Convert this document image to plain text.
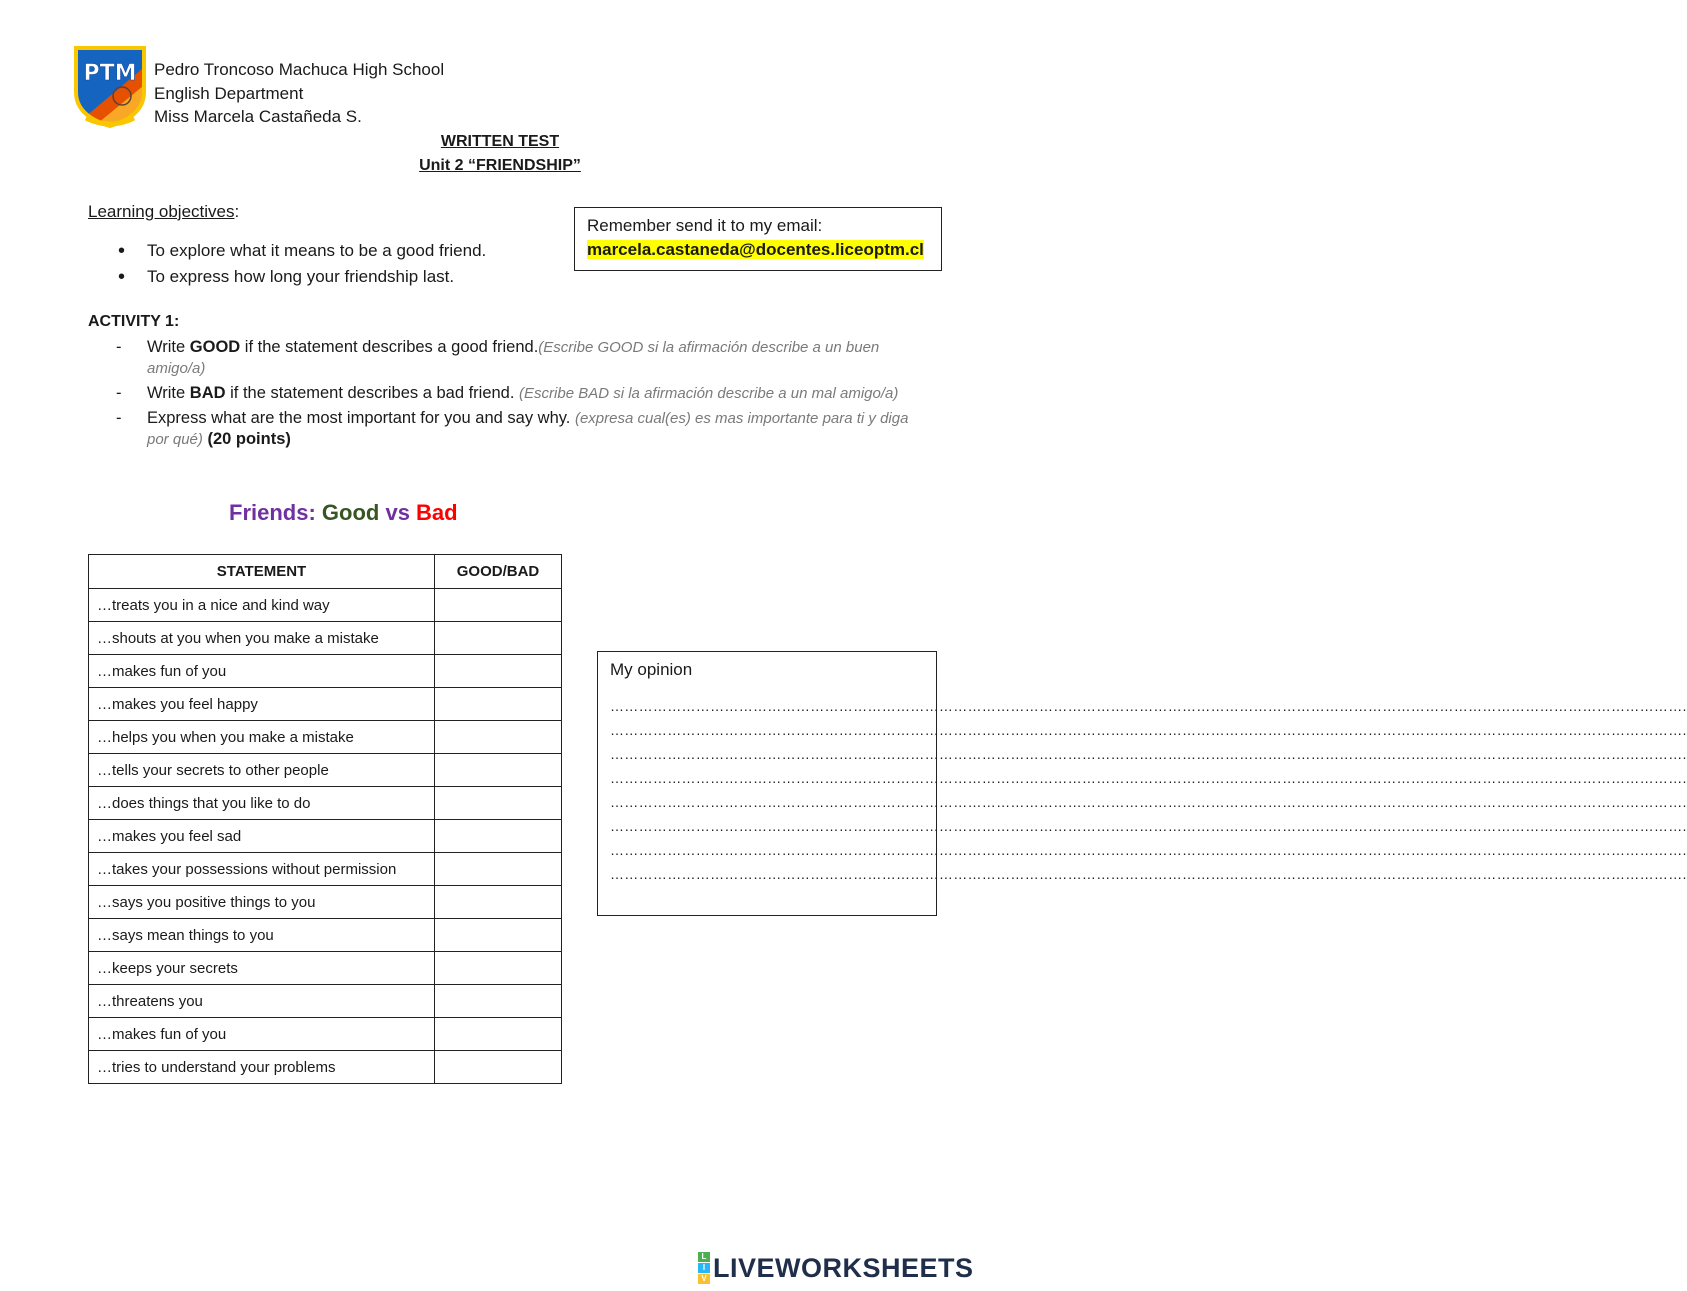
PTM Pedro Troncoso Machuca High School
English Department
Miss Marcela Castañeda S.
WRITTEN TEST
Unit 2 “FRIENDSHIP”
Learning objectives:
• To explore what it means to be a good friend.
• To express how long your friendship last.
Remember send it to my email:
marcela.castaneda@docentes.liceoptm.cl
ACTIVITY 1:
- Write GOOD if the statement describes a good friend.(Escribe GOOD si la afirmación describe a un buen amigo/a)
- Write BAD if the statement describes a bad friend. (Escribe BAD si la afirmación describe a un mal amigo/a)
- Express what are the most important for you and say why. (expresa cual(es) es mas importante para ti y diga por qué) (20 points)
Friends: Good vs Bad
STATEMENT	GOOD/BAD
…treats you in a nice and kind way	
…shouts at you when you make a mistake	
…makes fun of you	
…makes you feel happy	
…helps you when you make a mistake	
…tells your secrets to other people	
…does things that you like to do	
…makes you feel sad	
…takes your possessions without permission	
…says you positive things to you	
…says mean things to you	
…keeps your secrets	
…threatens you	
…makes fun of you	
…tries to understand your problems	
My opinion
……………………………………………………………………………………………………………………………………………………………………………………………………….
……………………………………………………………………………………………………………………………………………………………………………………………………….
……………………………………………………………………………………………………………………………………………………………………………………………………….
……………………………………………………………………………………………………………………………………………………………………………………………………….
……………………………………………………………………………………………………………………………………………………………………………………………………….
……………………………………………………………………………………………………………………………………………………………………………………………………….
……………………………………………………………………………………………………………………………………………………………………………………………………….
……………………………………………………………………………………………………………………………………………………………………………………………………….
L
I
V LIVEWORKSHEETS
